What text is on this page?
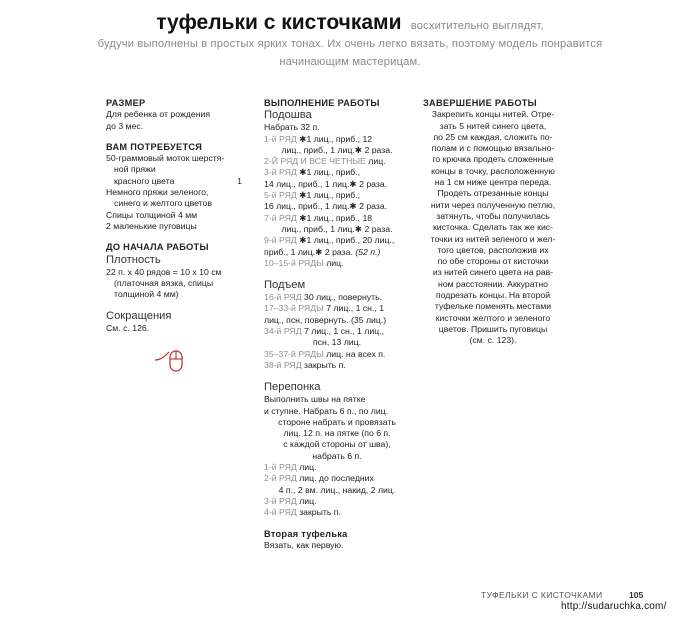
туфельки с кисточками восхитительно выглядят,
будучи выполнены в простых ярких тонах. Их очень легко вязать, поэтому модель понравится
начинающим мастерицам.

РАЗМЕР

Для ребенка от рождения
до 3 мес.

ВАМ ПОТРЕБУЕТСЯ

50-граммовый моток шерстя-
ной пряжи
красного цвета	1
Немного пряжи зеленого,
синего и желтого цветов
Спицы толщиной 4 мм
2 маленькие пуговицы

ДО НАЧАЛА РАБОТЫ

Плотность
22 п. x 40 рядов = 10 x 10 см
(платочная вязка, спицы
толщиной 4 мм)
Сокращения
См. с. 126.

ВЫПОЛНЕНИЕ РАБОТЫ

Подошва
Набрать 32 п.
1-й РЯД ✱1 лиц., приб., 12
лиц., приб., 1 лиц.✱ 2 раза.
2-Й РЯД И ВСЕ ЧЕТНЫЕ лиц.
3-й РЯД ✱1 лиц., приб.,
14 лиц., приб., 1 лиц.✱ 2 раза.
5-й РЯД ✱1 лиц., приб.,
16 лиц., приб., 1 лиц.✱ 2 раза.
7-й РЯД ✱1 лиц., приб., 18
лиц., приб., 1 лиц.✱ 2 раза.
9-й РЯД ✱1 лиц., приб., 20 лиц.,
приб., 1 лиц.✱ 2 раза. (52 п.)
10–15-й РЯДЫ лиц.
Подъем
16-й РЯД 30 лиц., повернуть.
17–33-й РЯДЫ 7 лиц., 1 сн., 1
лиц., псн, повернуть. (35 лиц.)
34-й РЯД 7 лиц., 1 сн., 1 лиц.,
псн, 13 лиц.
35–37-й РЯДЫ лиц. на всех п.
38-й РЯД закрыть п.
Перепонка
Выполнить швы на пятке
и ступне. Набрать 6 п., по лиц.
стороне набрать и провязать
лиц. 12 п. на пятке (по 6 п.
с каждой стороны от шва),
набрать 6 п.
1-й РЯД лиц.
2-й РЯД лиц. до последних
4 п., 2 вм. лиц., накид, 2 лиц.
3-й РЯД лиц.
4-й РЯД закрыть п.

Вторая туфелька

Вязать, как первую.

ЗАВЕРШЕНИЕ РАБОТЫ

Закрепить концы нитей. Отре-
зать 5 нитей синего цвета,
по 25 см каждая, сложить по-
полам и с помощью вязально-
го крючка продеть сложенные
концы в точку, расположенную
на 1 см ниже центра переда.
Продеть отрезанные концы
нити через полученную петлю,
затянуть, чтобы получилась
кисточка. Сделать так же кис-
точки из нитей зеленого и жел-
того цветов, расположив их
по обе стороны от кисточки
из нитей синего цвета на рав-
ном расстоянии. Аккуратно
подрезать концы. На второй
туфельке поменять местами
кисточки желтого и зеленого
цветов. Пришить пуговицы
(см. с. 123).
ТУФЕЛЬКИ С КИСТОЧКАМИ	105
http://sudaruchka.com/
